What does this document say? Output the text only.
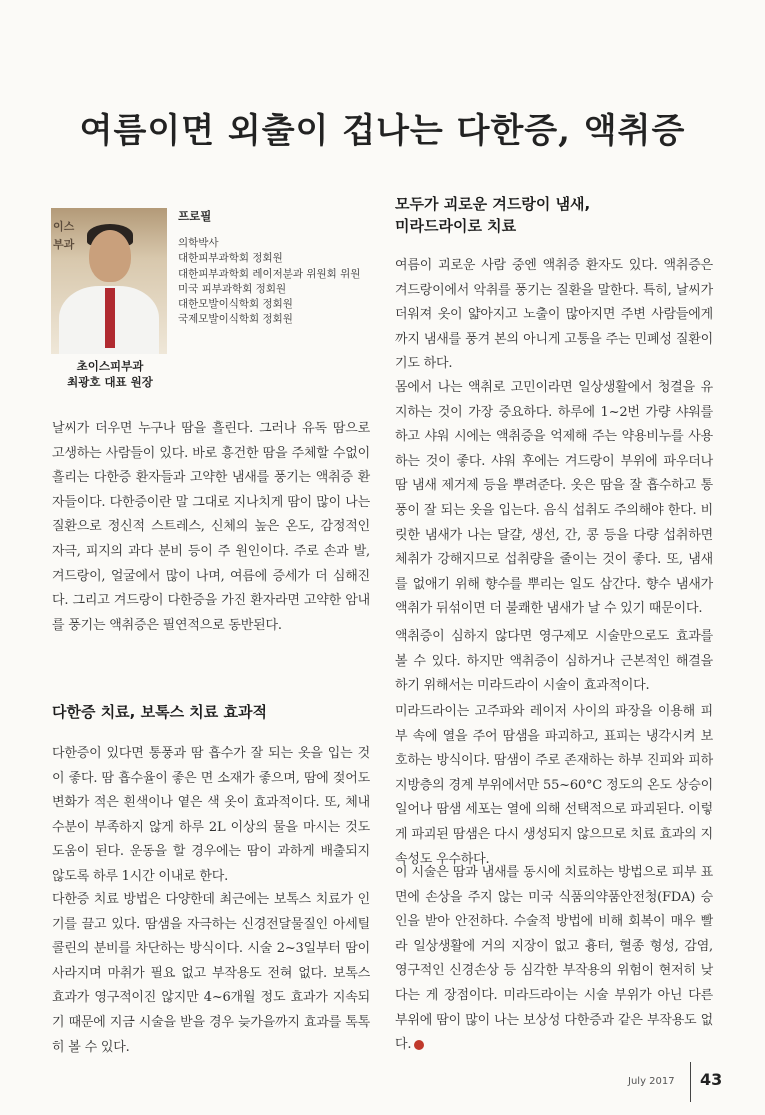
여름이면 외출이 겁나는 다한증, 액취증
이스
부과
프로필
의학박사
대한피부과학회 정회원
대한피부과학회 레이저분과 위원회 위원
미국 피부과학회 정회원
대한모발이식학회 정회원
국제모발이식학회 정회원
초이스피부과
최광호 대표 원장

날씨가 더우면 누구나 땀을 흘린다. 그러나 유독 땀으로 고생하는 사람들이 있다. 바로 흥건한 땀을 주체할 수없이 흘리는 다한증 환자들과 고약한 냄새를 풍기는 액취증 환자들이다. 다한증이란 말 그대로 지나치게 땀이 많이 나는 질환으로 정신적 스트레스, 신체의 높은 온도, 감정적인 자극, 피지의 과다 분비 등이 주 원인이다. 주로 손과 발, 겨드랑이, 얼굴에서 많이 나며, 여름에 증세가 더 심해진다. 그리고 겨드랑이 다한증을 가진 환자라면 고약한 암내를 풍기는 액취증은 필연적으로 동반된다.

다한증 치료, 보톡스 치료 효과적

다한증이 있다면 통풍과 땀 흡수가 잘 되는 옷을 입는 것이 좋다. 땀 흡수율이 좋은 면 소재가 좋으며, 땀에 젖어도 변화가 적은 흰색이나 옅은 색 옷이 효과적이다. 또, 체내 수분이 부족하지 않게 하루 2L 이상의 물을 마시는 것도 도움이 된다. 운동을 할 경우에는 땀이 과하게 배출되지 않도록 하루 1시간 이내로 한다.

다한증 치료 방법은 다양한데 최근에는 보톡스 치료가 인기를 끌고 있다. 땀샘을 자극하는 신경전달물질인 아세틸콜린의 분비를 차단하는 방식이다. 시술 2~3일부터 땀이 사라지며 마취가 필요 없고 부작용도 전혀 없다. 보톡스 효과가 영구적이진 않지만 4~6개월 정도 효과가 지속되기 때문에 지금 시술을 받을 경우 늦가을까지 효과를 톡톡히 볼 수 있다.

모두가 괴로운 겨드랑이 냄새,
미라드라이로 치료

여름이 괴로운 사람 중엔 액취증 환자도 있다. 액취증은 겨드랑이에서 악취를 풍기는 질환을 말한다. 특히, 날씨가 더워져 옷이 얇아지고 노출이 많아지면 주변 사람들에게까지 냄새를 풍겨 본의 아니게 고통을 주는 민폐성 질환이기도 하다.

몸에서 나는 액취로 고민이라면 일상생활에서 청결을 유지하는 것이 가장 중요하다. 하루에 1~2번 가량 샤워를 하고 샤워 시에는 액취증을 억제해 주는 약용비누를 사용하는 것이 좋다. 샤워 후에는 겨드랑이 부위에 파우더나 땀 냄새 제거제 등을 뿌려준다. 옷은 땀을 잘 흡수하고 통풍이 잘 되는 옷을 입는다. 음식 섭취도 주의해야 한다. 비릿한 냄새가 나는 달걀, 생선, 간, 콩 등을 다량 섭취하면 체취가 강해지므로 섭취량을 줄이는 것이 좋다. 또, 냄새를 없애기 위해 향수를 뿌리는 일도 삼간다. 향수 냄새가 액취가 뒤섞이면 더 불쾌한 냄새가 날 수 있기 때문이다.

액취증이 심하지 않다면 영구제모 시술만으로도 효과를 볼 수 있다. 하지만 액취증이 심하거나 근본적인 해결을 하기 위해서는 미라드라이 시술이 효과적이다.

미라드라이는 고주파와 레이저 사이의 파장을 이용해 피부 속에 열을 주어 땀샘을 파괴하고, 표피는 냉각시켜 보호하는 방식이다. 땀샘이 주로 존재하는 하부 진피와 피하 지방층의 경계 부위에서만 55~60°C 정도의 온도 상승이 일어나 땀샘 세포는 열에 의해 선택적으로 파괴된다. 이렇게 파괴된 땀샘은 다시 생성되지 않으므로 치료 효과의 지속성도 우수하다.

이 시술은 땀과 냄새를 동시에 치료하는 방법으로 피부 표면에 손상을 주지 않는 미국 식품의약품안전청(FDA) 승인을 받아 안전하다. 수술적 방법에 비해 회복이 매우 빨라 일상생활에 거의 지장이 없고 흉터, 혈종 형성, 감염, 영구적인 신경손상 등 심각한 부작용의 위험이 현저히 낮다는 게 장점이다. 미라드라이는 시술 부위가 아닌 다른 부위에 땀이 많이 나는 보상성 다한증과 같은 부작용도 없다.

July 2017 43
